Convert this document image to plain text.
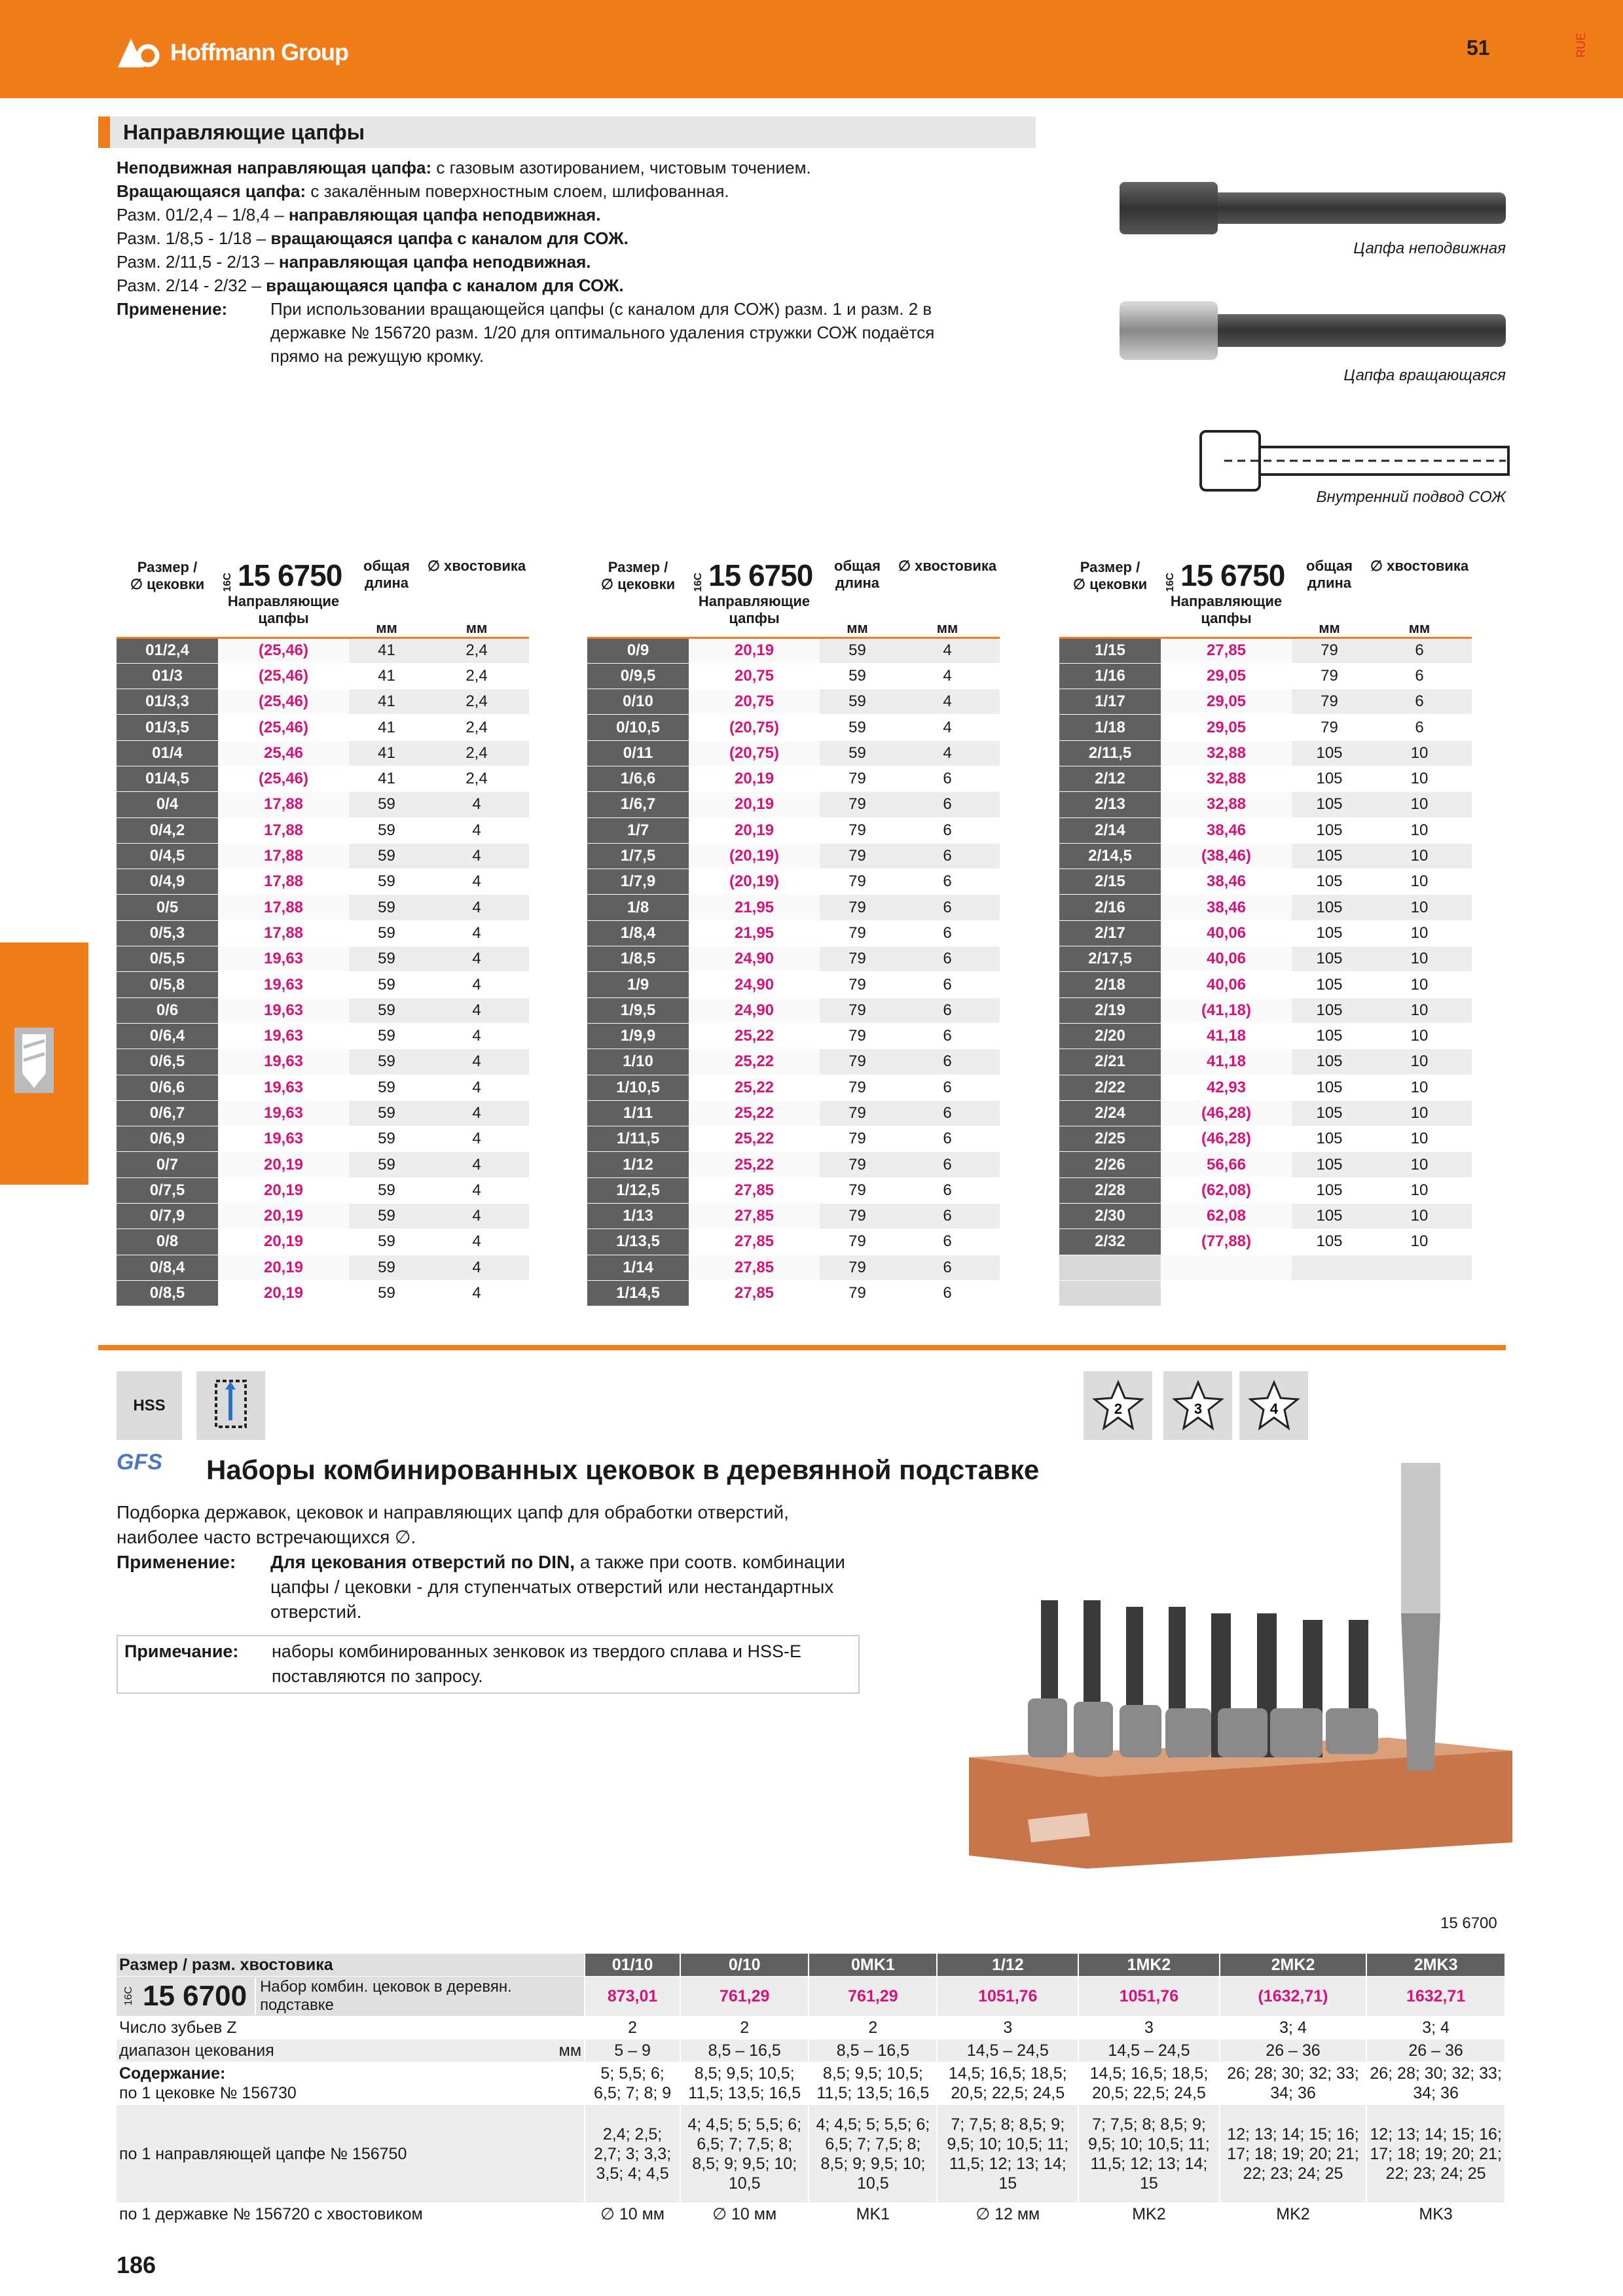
Hoffmann Group	51	RUE
Направляющие цапфы
Неподвижная направляющая цапфа: с газовым азотированием, чистовым точением.
Вращающаяся цапфа: с закалённым поверхностным слоем, шлифованная.
Разм. 01/2,4 – 1/8,4 – направляющая цапфа неподвижная.
Разм. 1/8,5 - 1/18 – вращающаяся цапфа с каналом для СОЖ.
Разм. 2/11,5 - 2/13 – направляющая цапфа неподвижная.
Разм. 2/14 - 2/32 – вращающаяся цапфа с каналом для СОЖ.
Применение:	При использовании вращающейся цапфы (с каналом для СОЖ) разм. 1 и разм. 2 в державке № 156720 разм. 1/20 для оптимального удаления стружки СОЖ подаётся прямо на режущую кромку.
Цапфа неподвижная
Цапфа вращающаяся
Внутренний подвод СОЖ
Размер /
∅ цековки	16C 15 6750	общая длина	∅ хвостовика
	Направляющие цапфы	мм	мм
01/2,4	(25,46)	41	2,4
01/3	(25,46)	41	2,4
01/3,3	(25,46)	41	2,4
01/3,5	(25,46)	41	2,4
01/4	25,46	41	2,4
01/4,5	(25,46)	41	2,4
0/4	17,88	59	4
0/4,2	17,88	59	4
0/4,5	17,88	59	4
0/4,9	17,88	59	4
0/5	17,88	59	4
0/5,3	17,88	59	4
0/5,5	19,63	59	4
0/5,8	19,63	59	4
0/6	19,63	59	4
0/6,4	19,63	59	4
0/6,5	19,63	59	4
0/6,6	19,63	59	4
0/6,7	19,63	59	4
0/6,9	19,63	59	4
0/7	20,19	59	4
0/7,5	20,19	59	4
0/7,9	20,19	59	4
0/8	20,19	59	4
0/8,4	20,19	59	4
0/8,5	20,19	59	4
Размер /
∅ цековки	16C 15 6750	общая длина	∅ хвостовика
	Направляющие цапфы	мм	мм
0/9	20,19	59	4
0/9,5	20,75	59	4
0/10	20,75	59	4
0/10,5	(20,75)	59	4
0/11	(20,75)	59	4
1/6,6	20,19	79	6
1/6,7	20,19	79	6
1/7	20,19	79	6
1/7,5	(20,19)	79	6
1/7,9	(20,19)	79	6
1/8	21,95	79	6
1/8,4	21,95	79	6
1/8,5	24,90	79	6
1/9	24,90	79	6
1/9,5	24,90	79	6
1/9,9	25,22	79	6
1/10	25,22	79	6
1/10,5	25,22	79	6
1/11	25,22	79	6
1/11,5	25,22	79	6
1/12	25,22	79	6
1/12,5	27,85	79	6
1/13	27,85	79	6
1/13,5	27,85	79	6
1/14	27,85	79	6
1/14,5	27,85	79	6
Размер /
∅ цековки	16C 15 6750	общая длина	∅ хвостовика
	Направляющие цапфы	мм	мм
1/15	27,85	79	6
1/16	29,05	79	6
1/17	29,05	79	6
1/18	29,05	79	6
2/11,5	32,88	105	10
2/12	32,88	105	10
2/13	32,88	105	10
2/14	38,46	105	10
2/14,5	(38,46)	105	10
2/15	38,46	105	10
2/16	38,46	105	10
2/17	40,06	105	10
2/17,5	40,06	105	10
2/18	40,06	105	10
2/19	(41,18)	105	10
2/20	41,18	105	10
2/21	41,18	105	10
2/22	42,93	105	10
2/24	(46,28)	105	10
2/25	(46,28)	105	10
2/26	56,66	105	10
2/28	(62,08)	105	10
2/30	62,08	105	10
2/32	(77,88)	105	10

HSS	2	3	4
GFS Наборы комбинированных цековок в деревянной подставке
Подборка державок, цековок и направляющих цапф для обработки отверстий, наиболее часто встречающихся ∅.
Применение:	Для цекования отверстий по DIN, а также при соотв. комбинации цапфы / цековки - для ступенчатых отверстий или нестандартных отверстий.
Примечание:	наборы комбинированных зенковок из твердого сплава и HSS-E поставляются по запросу.
15 6700
Размер / разм. хвостовика	01/10	0/10	0MK1	1/12	1MK2	2MK2	2MK3
16C 15 6700 Набор комбин. цековок в деревян. подставке	873,01	761,29	761,29	1051,76	1051,76	(1632,71)	1632,71
Число зубьев Z	2	2	2	3	3	3; 4	3; 4
диапазон цекования мм	5 – 9	8,5 – 16,5	8,5 – 16,5	14,5 – 24,5	14,5 – 24,5	26 – 36	26 – 36
Содержание:
по 1 цековке № 156730	5; 5,5; 6; 6,5; 7; 8; 9	8,5; 9,5; 10,5; 11,5; 13,5; 16,5	8,5; 9,5; 10,5; 11,5; 13,5; 16,5	14,5; 16,5; 18,5; 20,5; 22,5; 24,5	14,5; 16,5; 18,5; 20,5; 22,5; 24,5	26; 28; 30; 32; 33; 34; 36	26; 28; 30; 32; 33; 34; 36
по 1 направляющей цапфе № 156750	2,4; 2,5; 2,7; 3; 3,3; 3,5; 4; 4,5	4; 4,5; 5; 5,5; 6; 6,5; 7; 7,5; 8; 8,5; 9; 9,5; 10; 10,5	4; 4,5; 5; 5,5; 6; 6,5; 7; 7,5; 8; 8,5; 9; 9,5; 10; 10,5	7; 7,5; 8; 8,5; 9; 9,5; 10; 10,5; 11; 11,5; 12; 13; 14; 15	7; 7,5; 8; 8,5; 9; 9,5; 10; 10,5; 11; 11,5; 12; 13; 14; 15	12; 13; 14; 15; 16; 17; 18; 19; 20; 21; 22; 23; 24; 25	12; 13; 14; 15; 16; 17; 18; 19; 20; 21; 22; 23; 24; 25
по 1 державке № 156720 с хвостовиком	∅ 10 мм	∅ 10 мм	MK1	∅ 12 мм	MK2	MK2	MK3
186
